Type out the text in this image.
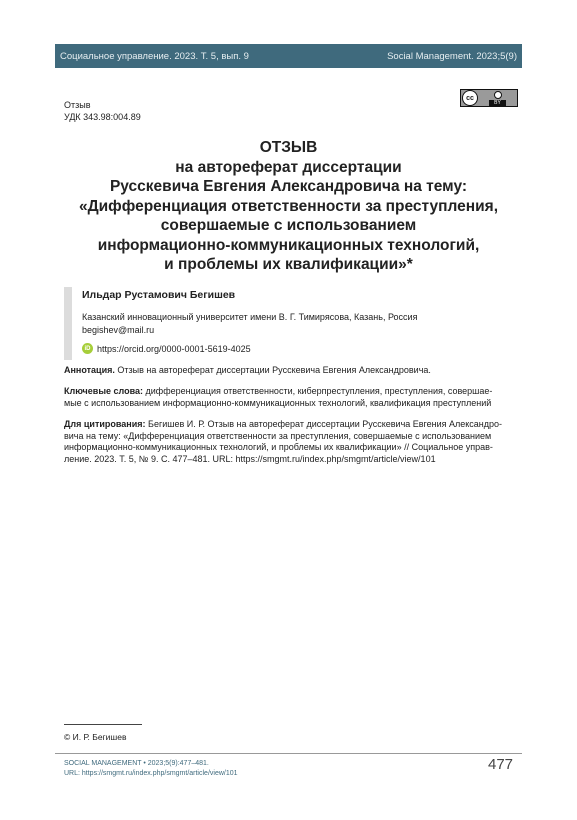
Социальное управление. 2023. Т. 5, вып. 9	Social Management. 2023;5(9)
Отзыв
УДК 343.98:004.89
cc
BY
ОТЗЫВ
на автореферат диссертации
Русскевича Евгения Александровича на тему:
«Дифференциация ответственности за преступления,
совершаемые с использованием
информационно-коммуникационных технологий,
и проблемы их квалификации»*
Ильдар Рустамович Бегишев
Казанский инновационный университет имени В. Г. Тимирясова, Казань, Россия
begishev@mail.ru
iD https://orcid.org/0000-0001-5619-4025
Аннотация. Отзыв на автореферат диссертации Русскевича Евгения Александровича.
Ключевые слова: дифференциация ответственности, киберпреступления, преступления, совершае-
мые с использованием информационно-коммуникационных технологий, квалификация преступлений
Для цитирования: Бегишев И. Р. Отзыв на автореферат диссертации Русскевича Евгения Александро-
вича на тему: «Дифференциация ответственности за преступления, совершаемые с использованием
информационно-коммуникационных технологий, и проблемы их квалификации» // Социальное управ-
ление. 2023. Т. 5, № 9. С. 477–481. URL: https://smgmt.ru/index.php/smgmt/article/view/101
© И. Р. Бегишев
SOCIAL MANAGEMENT • 2023;5(9):477–481.
URL: https://smgmt.ru/index.php/smgmt/article/view/101
477
